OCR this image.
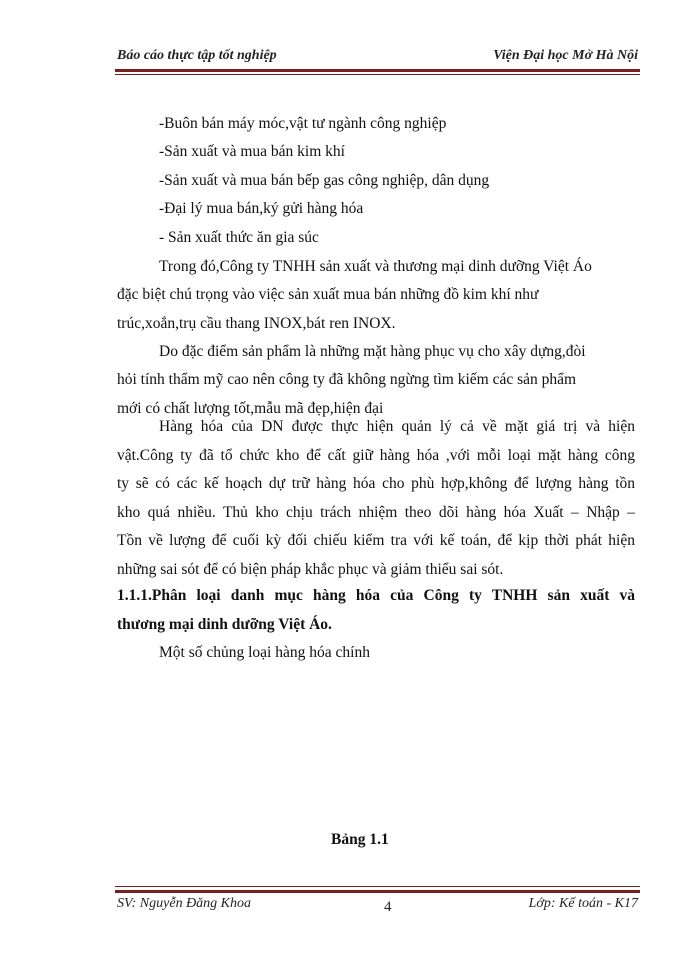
Báo cáo thực tập tốt nghiệp	Viện Đại học Mở Hà Nội
-Buôn bán máy móc,vật tư ngành công nghiệp
-Sản xuất và mua bán kim khí
-Sản xuất và mua bán bếp gas công nghiệp, dân dụng
-Đại lý mua bán,ký gửi hàng hóa
- Sản xuất thức ăn gia súc
Trong đó,Công ty TNHH sản xuất và thương mại dinh dưỡng Việt Áo
đặc biệt chú trọng vào việc sản xuất mua bán những đồ kim khí như
trúc,xoắn,trụ cầu thang INOX,bát ren INOX.
Do đặc điểm sản phẩm là những mặt hàng phục vụ cho xây dựng,đòi
hỏi tính thẩm mỹ cao nên công ty đã không ngừng tìm kiếm các sản phẩm
mới có chất lượng tốt,mẫu mã đẹp,hiện đại
Hàng hóa của DN được thực hiện quản lý cả về mặt giá trị và hiện
vật.Công ty đã tổ chức kho để cất giữ hàng hóa ,với mỗi loại mặt hàng công
ty sẽ có các kế hoạch dự trữ hàng hóa cho phù hợp,không để lượng hàng tồn
kho quá nhiều. Thủ kho chịu trách nhiệm theo dõi hàng hóa Xuất – Nhập –
Tồn về lượng để cuối kỳ đối chiếu kiểm tra với kế toán, để kịp thời phát hiện
những sai sót để có biện pháp khắc phục và giảm thiểu sai sót.
1.1.1.Phân loại danh mục hàng hóa của Công ty TNHH sản xuất và
thương mại dinh dưỡng Việt Áo.
Một số chủng loại hàng hóa chính
Bảng 1.1
SV: Nguyễn Đăng Khoa	4	Lớp: Kế toán - K17
